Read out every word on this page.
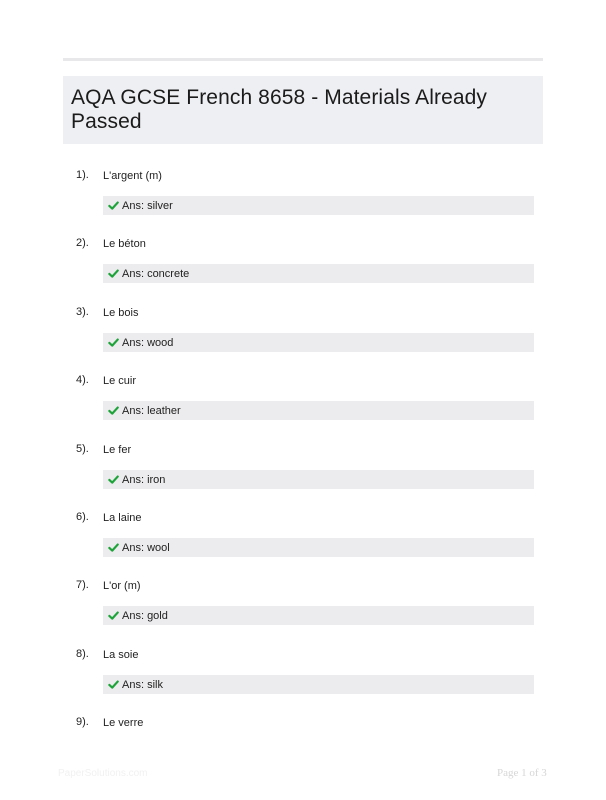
AQA GCSE French 8658 - Materials Already Passed
1). L'argent (m)
Ans: silver
2). Le béton
Ans: concrete
3). Le bois
Ans: wood
4). Le cuir
Ans: leather
5). Le fer
Ans: iron
6). La laine
Ans: wool
7). L'or (m)
Ans: gold
8). La soie
Ans: silk
9). Le verre
PaperSolutions.com	Page 1 of 3
